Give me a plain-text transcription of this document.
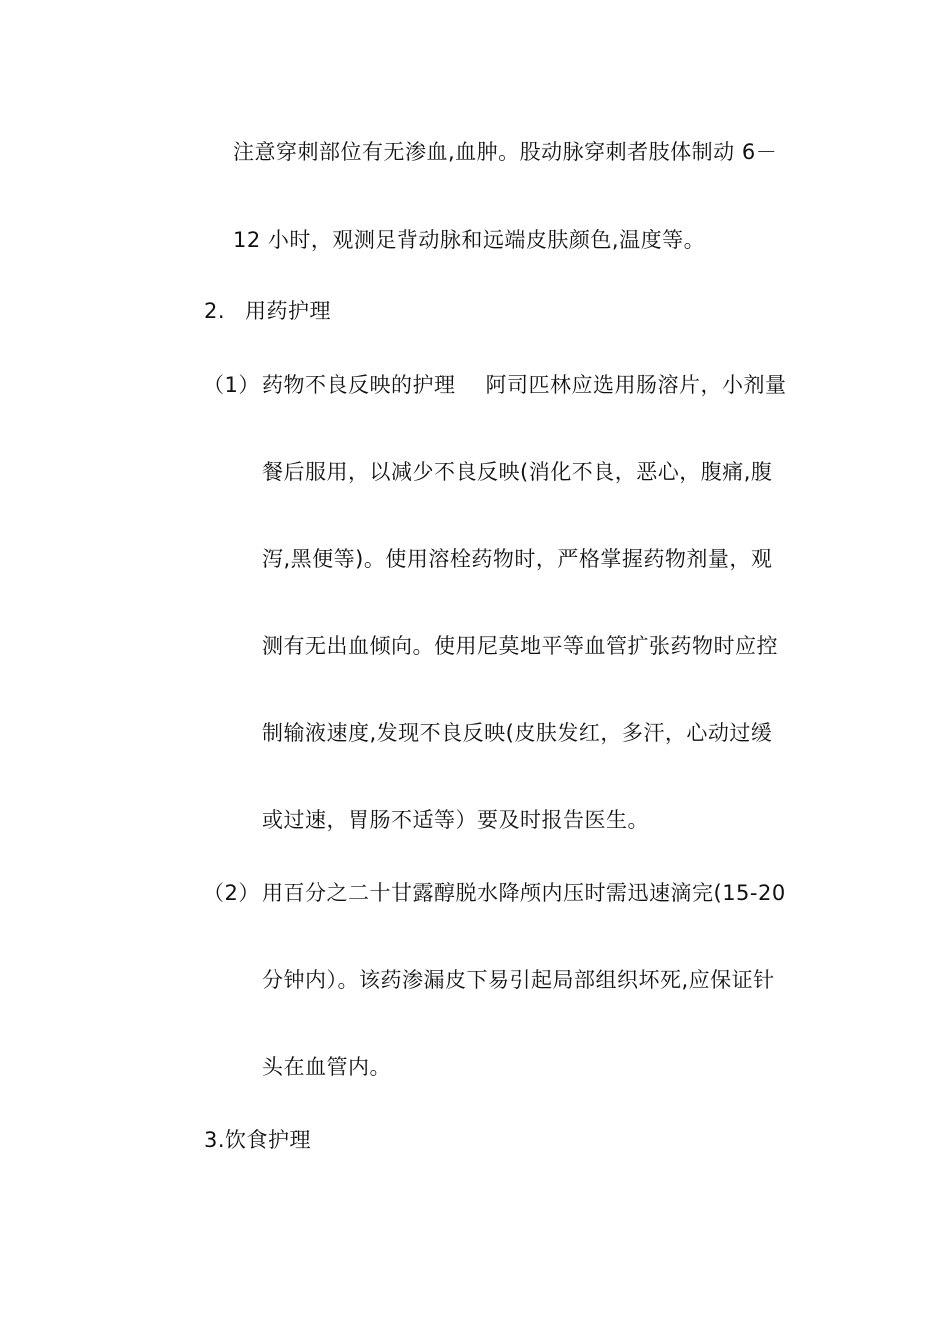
注意穿刺部位有无渗血,血肿。股动脉穿刺者肢体制动 6－
12 小时，观测足背动脉和远端皮肤颜色,温度等。
2. 用药护理
（1） 药物不良反映的护理 阿司匹林应选用肠溶片，小剂量
餐后服用，以减少不良反映(消化不良，恶心，腹痛,腹
泻,黑便等)。使用溶栓药物时，严格掌握药物剂量，观
测有无出血倾向。使用尼莫地平等血管扩张药物时应控
制输液速度,发现不良反映(皮肤发红，多汗，心动过缓
或过速，胃肠不适等）要及时报告医生。
（2） 用百分之二十甘露醇脱水降颅内压时需迅速滴完(15-20
分钟内）。该药渗漏皮下易引起局部组织坏死,应保证针
头在血管内。
3.饮食护理
